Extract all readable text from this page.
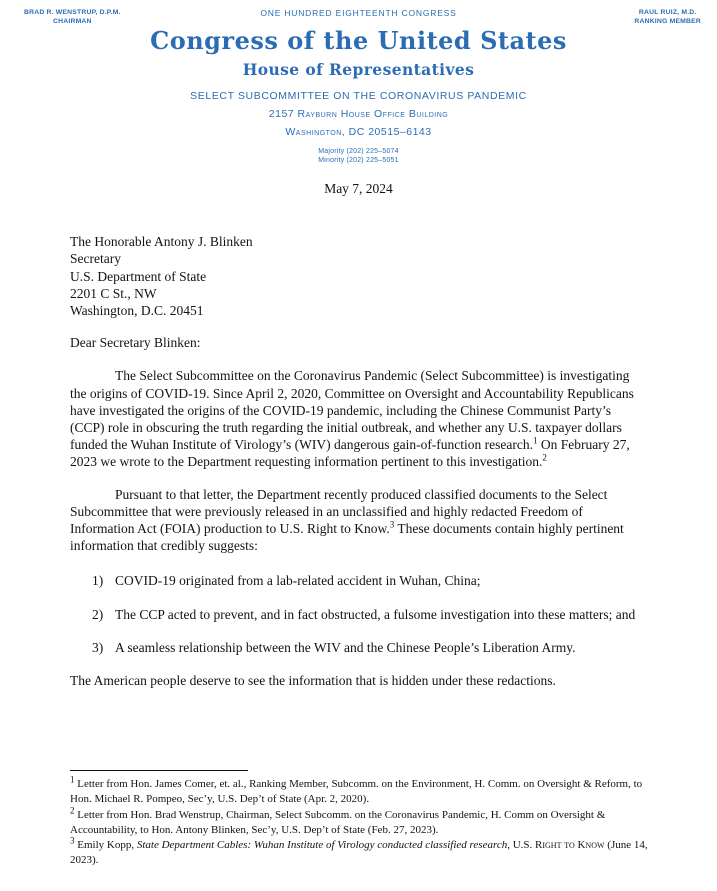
BRAD R. WENSTRUP, D.P.M.
CHAIRMAN
RAUL RUIZ, M.D.
RANKING MEMBER
ONE HUNDRED EIGHTEENTH CONGRESS
Congress of the United States
House of Representatives
SELECT SUBCOMMITTEE ON THE CORONAVIRUS PANDEMIC
2157 Rayburn House Office Building
Washington, DC 20515–6143
Majority (202) 225–5074
Minority (202) 225–5051
May 7, 2024
The Honorable Antony J. Blinken
Secretary
U.S. Department of State
2201 C St., NW
Washington, D.C. 20451
Dear Secretary Blinken:

The Select Subcommittee on the Coronavirus Pandemic (Select Subcommittee) is investigating the origins of COVID-19. Since April 2, 2020, Committee on Oversight and Accountability Republicans have investigated the origins of the COVID-19 pandemic, including the Chinese Communist Party’s (CCP) role in obscuring the truth regarding the initial outbreak, and whether any U.S. taxpayer dollars funded the Wuhan Institute of Virology’s (WIV) dangerous gain-of-function research.$^1$ On February 27, 2023 we wrote to the Department requesting information pertinent to this investigation.$^2$

Pursuant to that letter, the Department recently produced classified documents to the Select Subcommittee that were previously released in an unclassified and highly redacted Freedom of Information Act (FOIA) production to U.S. Right to Know.$^3$ These documents contain highly pertinent information that credibly suggests:

1) COVID-19 originated from a lab-related accident in Wuhan, China;
2) The CCP acted to prevent, and in fact obstructed, a fulsome investigation into these matters; and
3) A seamless relationship between the WIV and the Chinese People’s Liberation Army.

The American people deserve to see the information that is hidden under these redactions.

$^1$ Letter from Hon. James Comer, et. al., Ranking Member, Subcomm. on the Environment, H. Comm. on Oversight & Reform, to Hon. Michael R. Pompeo, Sec’y, U.S. Dep’t of State (Apr. 2, 2020).
$^2$ Letter from Hon. Brad Wenstrup, Chairman, Select Subcomm. on the Coronavirus Pandemic, H. Comm on Oversight & Accountability, to Hon. Antony Blinken, Sec’y, U.S. Dep’t of State (Feb. 27, 2023).
$^3$ Emily Kopp, State Department Cables: Wuhan Institute of Virology conducted classified research, U.S. Right to Know (June 14, 2023).
